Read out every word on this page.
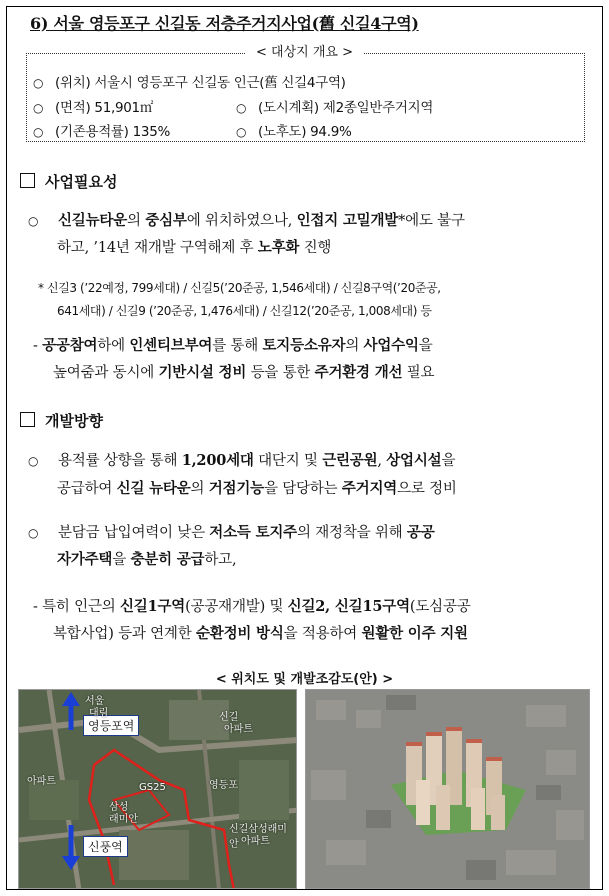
6) 서울 영등포구 신길동 저층주거지사업(舊 신길4구역)
< 대상지 개요 >
○ (위치) 서울시 영등포구 신길동 인근(舊 신길4구역)
○ (면적) 51,901㎡	○ (도시계획) 제2종일반주거지역
○ (기존용적률) 135%	○ (노후도) 94.9%
사업필요성
○ 신길뉴타운의 중심부에 위치하였으나, 인접지 고밀개발*에도 불구
하고, ’14년 재개발 구역해제 후 노후화 진행
* 신길3 (’22예정, 799세대) / 신길5(’20준공, 1,546세대) / 신길8구역(’20준공,
641세대) / 신길9 (’20준공, 1,476세대) / 신길12(’20준공, 1,008세대) 등
- 공공참여하에 인센티브부여를 통해 토지등소유자의 사업수익을
높여줌과 동시에 기반시설 정비 등을 통한 주거환경 개선 필요
개발방향
○ 용적률 상향을 통해 1,200세대 대단지 및 근린공원, 상업시설을
공급하여 신길 뉴타운의 거점기능을 담당하는 주거지역으로 정비
○ 분담금 납입여력이 낮은 저소득 토지주의 재정착을 위해 공공
자가주택을 충분히 공급하고,
- 특히 인근의 신길1구역(공공재개발) 및 신길2, 신길15구역(도심공공
복합사업) 등과 연계한 순환정비 방식을 적용하여 원활한 이주 지원
< 위치도 및 개발조감도(안) >
영등포역
신풍역
서울
대림
아파트
신길
아파트
GS25
삼성
래미안
영등포
신길삼성래미안 아파트
